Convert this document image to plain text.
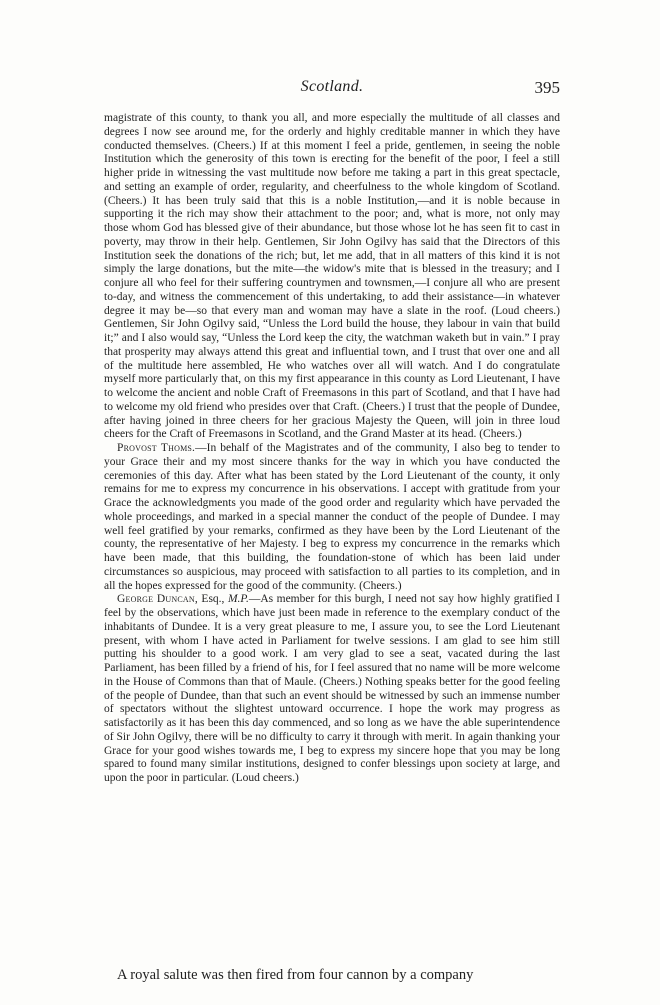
Scotland.	395

magistrate of this county, to thank you all, and more especially the multitude of all classes and degrees I now see around me, for the orderly and highly creditable manner in which they have conducted themselves. (Cheers.) If at this moment I feel a pride, gentlemen, in seeing the noble Institution which the generosity of this town is erecting for the benefit of the poor, I feel a still higher pride in witnessing the vast multitude now before me taking a part in this great spectacle, and setting an example of order, regularity, and cheerfulness to the whole kingdom of Scotland. (Cheers.) It has been truly said that this is a noble Institution,—and it is noble because in supporting it the rich may show their attachment to the poor; and, what is more, not only may those whom God has blessed give of their abundance, but those whose lot he has seen fit to cast in poverty, may throw in their help. Gentlemen, Sir John Ogilvy has said that the Directors of this Institution seek the donations of the rich; but, let me add, that in all matters of this kind it is not simply the large donations, but the mite—the widow's mite that is blessed in the treasury; and I conjure all who feel for their suffering countrymen and townsmen,—I conjure all who are present to-day, and witness the commencement of this undertaking, to add their assistance—in whatever degree it may be—so that every man and woman may have a slate in the roof. (Loud cheers.) Gentlemen, Sir John Ogilvy said, “Unless the Lord build the house, they labour in vain that build it;” and I also would say, “Unless the Lord keep the city, the watchman waketh but in vain.” I pray that prosperity may always attend this great and influential town, and I trust that over one and all of the multitude here assembled, He who watches over all will watch. And I do congratulate myself more particularly that, on this my first appearance in this county as Lord Lieutenant, I have to welcome the ancient and noble Craft of Freemasons in this part of Scotland, and that I have had to welcome my old friend who presides over that Craft. (Cheers.) I trust that the people of Dundee, after having joined in three cheers for her gracious Majesty the Queen, will join in three loud cheers for the Craft of Freemasons in Scotland, and the Grand Master at its head. (Cheers.)

Provost Thoms.—In behalf of the Magistrates and of the community, I also beg to tender to your Grace their and my most sincere thanks for the way in which you have conducted the ceremonies of this day. After what has been stated by the Lord Lieutenant of the county, it only remains for me to express my concurrence in his observations. I accept with gratitude from your Grace the acknowledgments you made of the good order and regularity which have pervaded the whole proceedings, and marked in a special manner the conduct of the people of Dundee. I may well feel gratified by your remarks, confirmed as they have been by the Lord Lieutenant of the county, the representative of her Majesty. I beg to express my concurrence in the remarks which have been made, that this building, the foundation-stone of which has been laid under circumstances so auspicious, may proceed with satisfaction to all parties to its completion, and in all the hopes expressed for the good of the community. (Cheers.)

George Duncan, Esq., M.P.—As member for this burgh, I need not say how highly gratified I feel by the observations, which have just been made in reference to the exemplary conduct of the inhabitants of Dundee. It is a very great pleasure to me, I assure you, to see the Lord Lieutenant present, with whom I have acted in Parliament for twelve sessions. I am glad to see him still putting his shoulder to a good work. I am very glad to see a seat, vacated during the last Parliament, has been filled by a friend of his, for I feel assured that no name will be more welcome in the House of Commons than that of Maule. (Cheers.) Nothing speaks better for the good feeling of the people of Dundee, than that such an event should be witnessed by such an immense number of spectators without the slightest untoward occurrence. I hope the work may progress as satisfactorily as it has been this day commenced, and so long as we have the able superintendence of Sir John Ogilvy, there will be no difficulty to carry it through with merit. In again thanking your Grace for your good wishes towards me, I beg to express my sincere hope that you may be long spared to found many similar institutions, designed to confer blessings upon society at large, and upon the poor in particular. (Loud cheers.)

A royal salute was then fired from four cannon by a company
